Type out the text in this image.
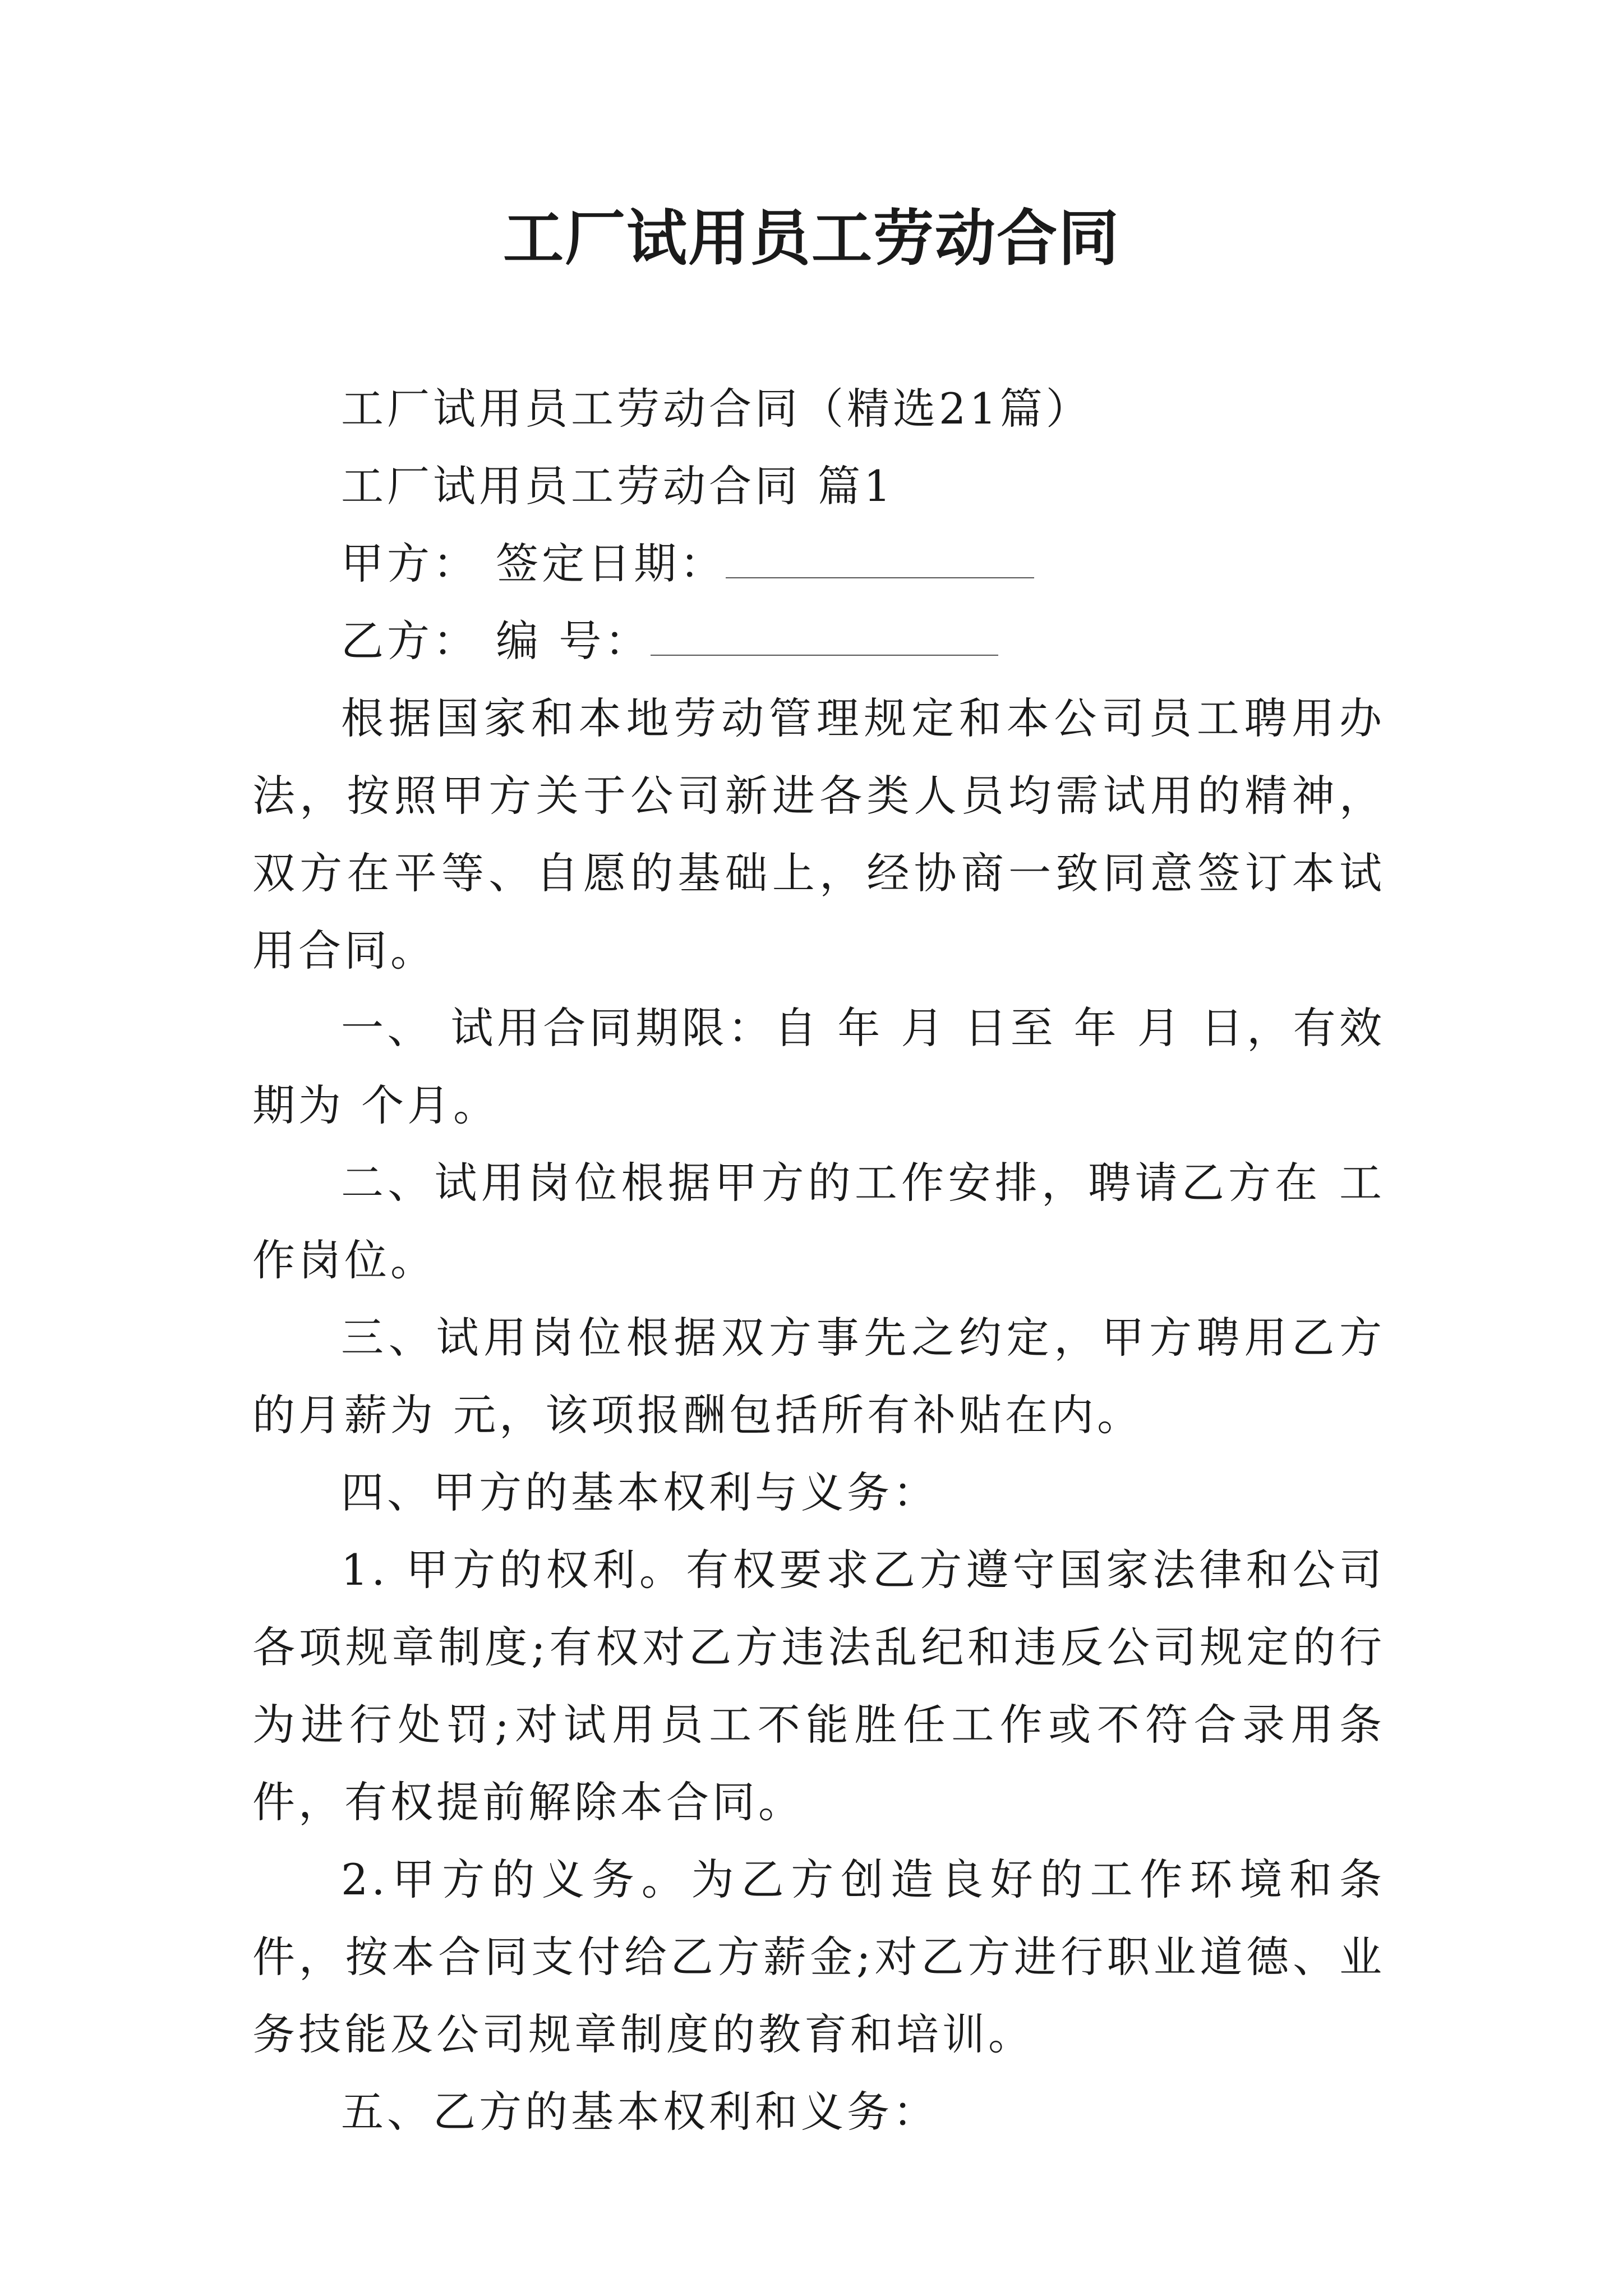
工厂试用员工劳动合同

工厂试用员工劳动合同（精选21篇）

工厂试用员工劳动合同 篇1

甲方： 签定日期：

乙方： 编 号：

根据国家和本地劳动管理规定和本公司员工聘用办法，按照甲方关于公司新进各类人员均需试用的精神，双方在平等、自愿的基础上，经协商一致同意签订本试用合同。

一、 试用合同期限：自 年 月 日至 年 月 日，有效期为 个月。

二、试用岗位根据甲方的工作安排，聘请乙方在 工作岗位。

三、试用岗位根据双方事先之约定，甲方聘用乙方的月薪为 元，该项报酬包括所有补贴在内。

四、甲方的基本权利与义务：

1. 甲方的权利。有权要求乙方遵守国家法律和公司各项规章制度;有权对乙方违法乱纪和违反公司规定的行为进行处罚;对试用员工不能胜任工作或不符合录用条件，有权提前解除本合同。

2.甲方的义务。为乙方创造良好的工作环境和条件，按本合同支付给乙方薪金;对乙方进行职业道德、业务技能及公司规章制度的教育和培训。

五、乙方的基本权利和义务：
